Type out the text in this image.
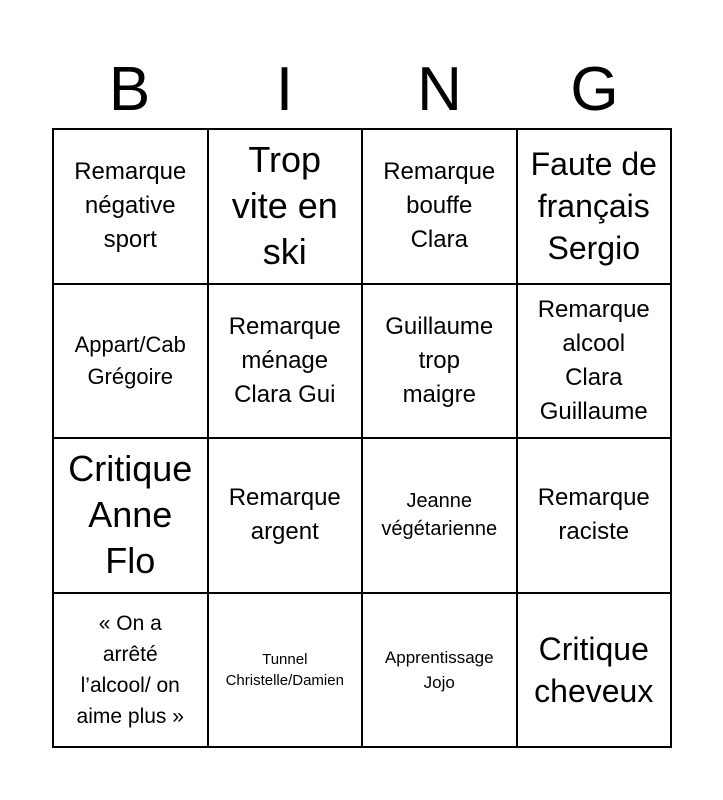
B	I	N	G
Remarque
négative
sport
Trop
vite en
ski
Remarque
bouffe
Clara
Faute de
français
Sergio
Appart/Cab
Grégoire
Remarque
ménage
Clara Gui
Guillaume
trop
maigre
Remarque
alcool
Clara
Guillaume
Critique
Anne
Flo
Remarque
argent
Jeanne
végétarienne
Remarque
raciste
« On a
arrêté
l’alcool/ on
aime plus »
Tunnel
Christelle/Damien
Apprentissage
Jojo
Critique
cheveux
